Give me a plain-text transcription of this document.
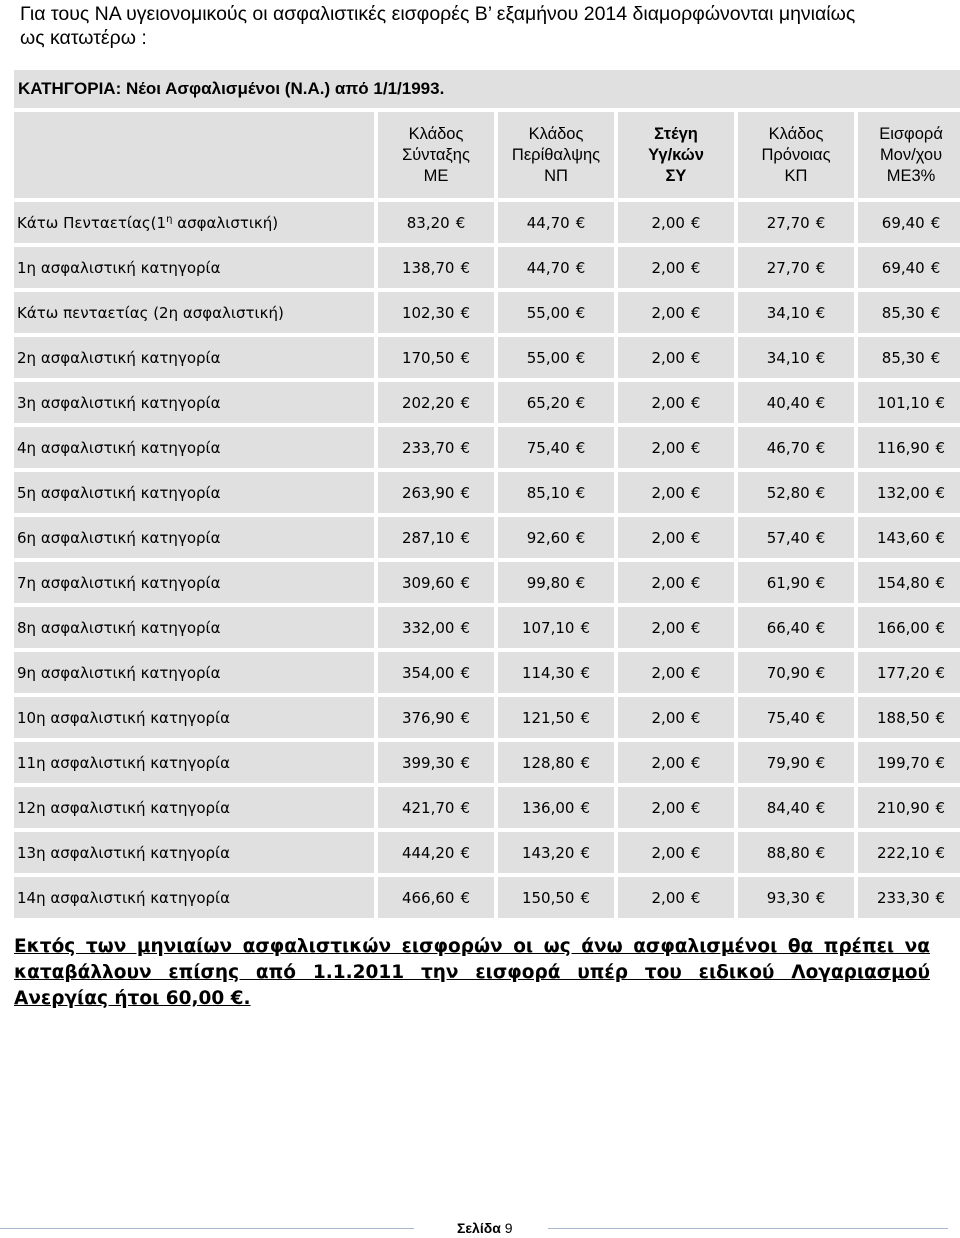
Για τους ΝΑ υγειονομικούς οι ασφαλιστικές εισφορές Β’ εξαμήνου 2014 διαμορφώνονται μηνιαίως
ως κατωτέρω :
ΚΑΤΗΓΟΡΙΑ: Νέοι Ασφαλισμένοι (Ν.Α.) από 1/1/1993.					

	Κλάδος
Σύνταξης
ΜΕ	Κλάδος
Περίθαλψης
ΝΠ	Στέγη
Υγ/κών
ΣΥ	Κλάδος
Πρόνοιας
ΚΠ	Εισφορά
Μον/χου
ΜΕ3%

Κάτω $\Pi\varepsilon\nu\tau\alpha\varepsilon\tau ί\alpha\varsigma(1^\eta$ ασφαλιστική)	83,20 €	44,70 €	2,00 €	27,70 €	69,40 €
1η ασφαλιστική κατηγορία	138,70 €	44,70 €	2,00 €	27,70 €	69,40 €
Κάτω πενταετίας (2η ασφαλιστική)	102,30 €	55,00 €	2,00 €	34,10 €	85,30 €
2η ασφαλιστική κατηγορία	170,50 €	55,00 €	2,00 €	34,10 €	85,30 €
3η ασφαλιστική κατηγορία	202,20 €	65,20 €	2,00 €	40,40 €	101,10 €
4η ασφαλιστική κατηγορία	233,70 €	75,40 €	2,00 €	46,70 €	116,90 €
5η ασφαλιστική κατηγορία	263,90 €	85,10 €	2,00 €	52,80 €	132,00 €
6η ασφαλιστική κατηγορία	287,10 €	92,60 €	2,00 €	57,40 €	143,60 €
7η ασφαλιστική κατηγορία	309,60 €	99,80 €	2,00 €	61,90 €	154,80 €
8η ασφαλιστική κατηγορία	332,00 €	107,10 €	2,00 €	66,40 €	166,00 €
9η ασφαλιστική κατηγορία	354,00 €	114,30 €	2,00 €	70,90 €	177,20 €
10η ασφαλιστική κατηγορία	376,90 €	121,50 €	2,00 €	75,40 €	188,50 €
11η ασφαλιστική κατηγορία	399,30 €	128,80 €	2,00 €	79,90 €	199,70 €
12η ασφαλιστική κατηγορία	421,70 €	136,00 €	2,00 €	84,40 €	210,90 €
13η ασφαλιστική κατηγορία	444,20 €	143,20 €	2,00 €	88,80 €	222,10 €
14η ασφαλιστική κατηγορία	466,60 €	150,50 €	2,00 €	93,30 €	233,30 €
Εκτός των μηνιαίων ασφαλιστικών εισφορών οι ως άνω ασφαλισμένοι θα πρέπει να καταβάλλουν επίσης από 1.1.2011 την εισφορά υπέρ του ειδικού Λογαριασμού Ανεργίας ήτοι 60,00 €.
Σελίδα 9
